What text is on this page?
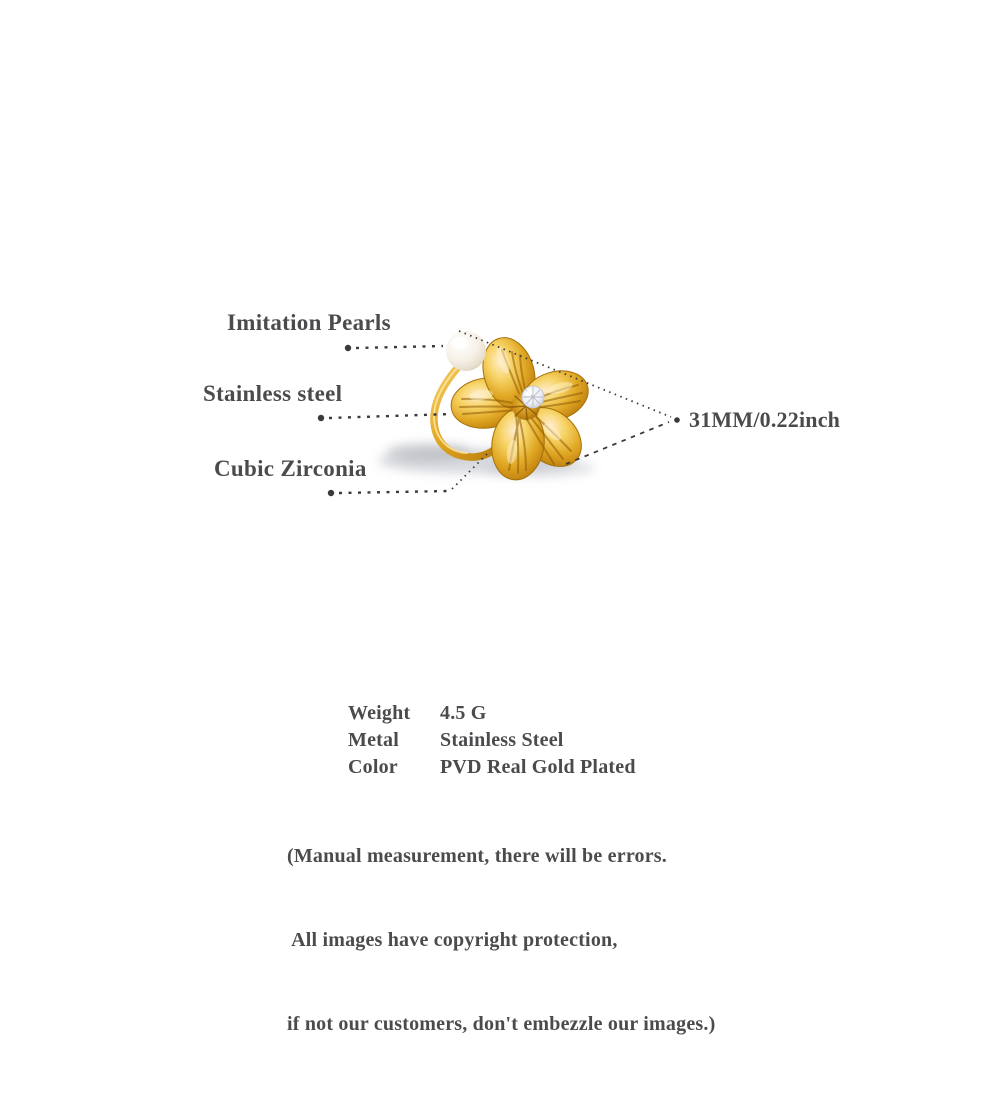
Imitation Pearls
Stainless steel
Cubic Zirconia
31MM/0.22inch
Weight	4.5 G
Metal	Stainless Steel
Color	PVD Real Gold Plated

(Manual measurement, there will be errors.

All images have copyright protection,

if not our customers, don't embezzle our images.)
